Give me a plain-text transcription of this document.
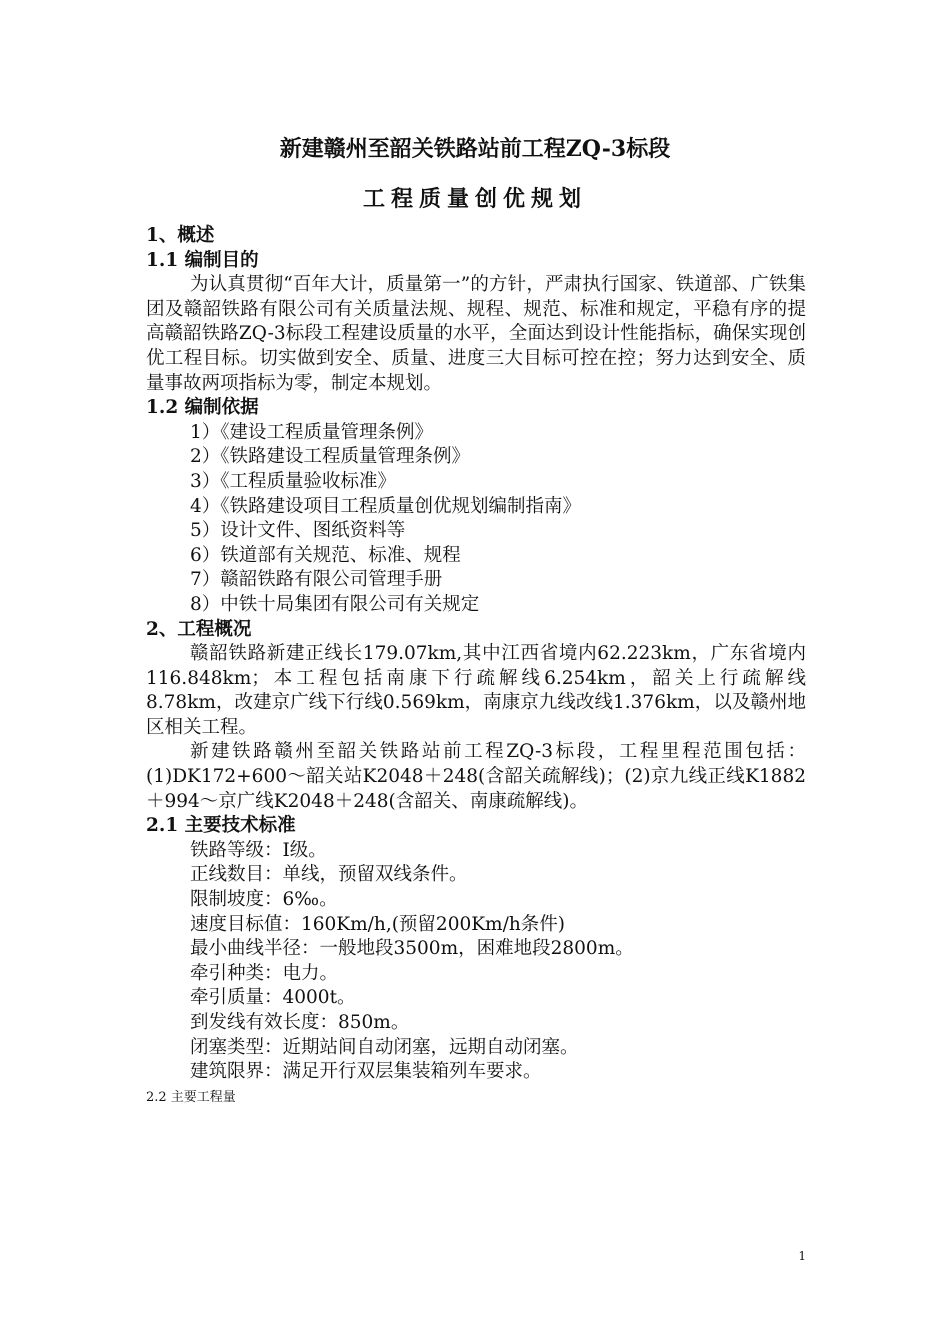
新建赣州至韶关铁路站前工程ZQ-3标段
工程质量创优规划

1、概述

1.1 编制目的

为认真贯彻“百年大计，质量第一”的方针，严肃执行国家、铁道部、广铁集团及赣韶铁路有限公司有关质量法规、规程、规范、标准和规定，平稳有序的提高赣韶铁路ZQ-3标段工程建设质量的水平，全面达到设计性能指标，确保实现创优工程目标。切实做到安全、质量、进度三大目标可控在控；努力达到安全、质量事故两项指标为零，制定本规划。

1.2 编制依据

1）《建设工程质量管理条例》

2）《铁路建设工程质量管理条例》

3）《工程质量验收标准》

4）《铁路建设项目工程质量创优规划编制指南》

5）设计文件、图纸资料等

6）铁道部有关规范、标准、规程

7）赣韶铁路有限公司管理手册

8）中铁十局集团有限公司有关规定

2、工程概况

赣韶铁路新建正线长179.07km,其中江西省境内62.223km，广东省境内116.848km；本工程包括南康下行疏解线6.254km，韶关上行疏解线8.78km，改建京广线下行线0.569km，南康京九线改线1.376km，以及赣州地区相关工程。

新建铁路赣州至韶关铁路站前工程ZQ-3标段，工程里程范围包括：(1)DK172+600～韶关站K2048＋248(含韶关疏解线)；(2)京九线正线K1882＋994～京广线K2048＋248(含韶关、南康疏解线)。

2.1 主要技术标准

铁路等级：Ⅰ级。

正线数目：单线，预留双线条件。

限制坡度：6‰。

速度目标值：160Km/h,(预留200Km/h条件)

最小曲线半径：一般地段3500m，困难地段2800m。

牵引种类：电力。

牵引质量：4000t。

到发线有效长度：850m。

闭塞类型：近期站间自动闭塞，远期自动闭塞。

建筑限界：满足开行双层集装箱列车要求。

2.2 主要工程量

1
